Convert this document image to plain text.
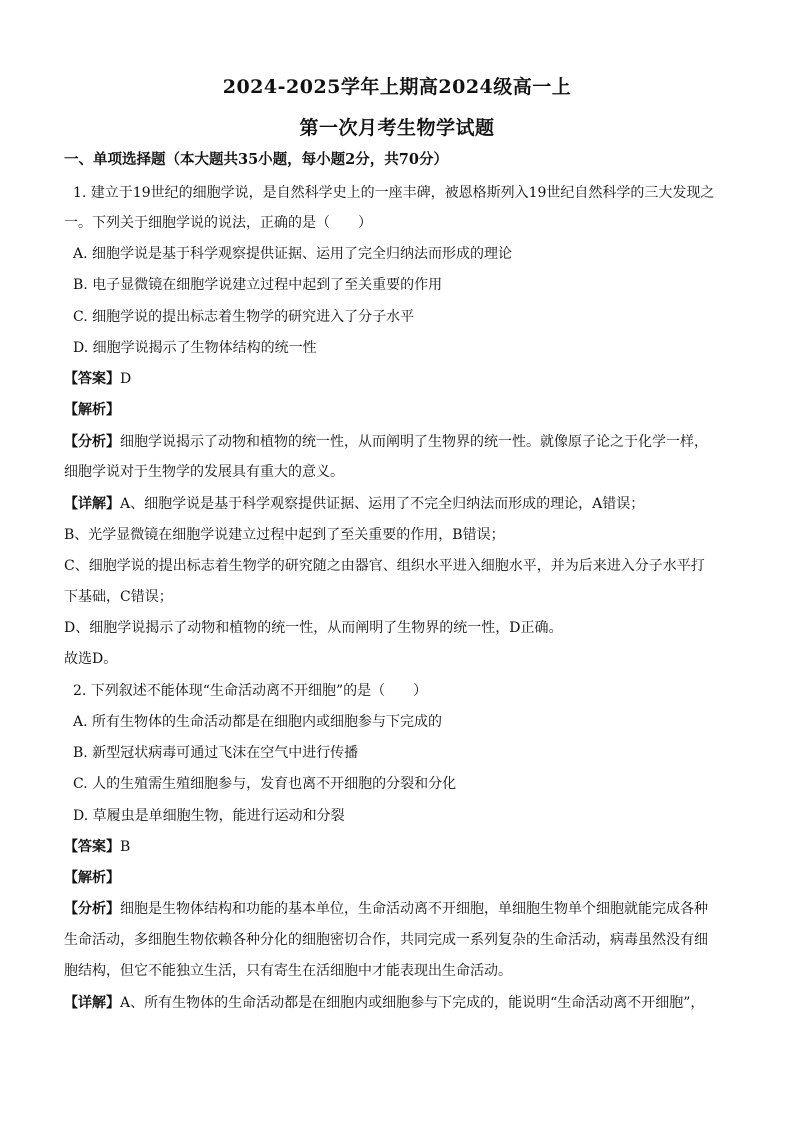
2024-2025学年上期高2024级高一上
第一次月考生物学试题
一、单项选择题（本大题共35小题，每小题2分，共70分）
1. 建立于19世纪的细胞学说，是自然科学史上的一座丰碑，被恩格斯列入19世纪自然科学的三大发现之
一。下列关于细胞学说的说法，正确的是（　　）
A. 细胞学说是基于科学观察提供证据、运用了完全归纳法而形成的理论
B. 电子显微镜在细胞学说建立过程中起到了至关重要的作用
C. 细胞学说的提出标志着生物学的研究进入了分子水平
D. 细胞学说揭示了生物体结构的统一性
【答案】D
【解析】
【分析】细胞学说揭示了动物和植物的统一性，从而阐明了生物界的统一性。就像原子论之于化学一样，
细胞学说对于生物学的发展具有重大的意义。
【详解】A、细胞学说是基于科学观察提供证据、运用了不完全归纳法而形成的理论，A错误；
B、光学显微镜在细胞学说建立过程中起到了至关重要的作用，B错误；
C、细胞学说的提出标志着生物学的研究随之由器官、组织水平进入细胞水平，并为后来进入分子水平打
下基础，C错误；
D、细胞学说揭示了动物和植物的统一性，从而阐明了生物界的统一性，D正确。
故选D。
2. 下列叙述不能体现“生命活动离不开细胞”的是（　　）
A. 所有生物体的生命活动都是在细胞内或细胞参与下完成的
B. 新型冠状病毒可通过飞沫在空气中进行传播
C. 人的生殖需生殖细胞参与，发育也离不开细胞的分裂和分化
D. 草履虫是单细胞生物，能进行运动和分裂
【答案】B
【解析】
【分析】细胞是生物体结构和功能的基本单位，生命活动离不开细胞，单细胞生物单个细胞就能完成各种
生命活动，多细胞生物依赖各种分化的细胞密切合作，共同完成一系列复杂的生命活动，病毒虽然没有细
胞结构，但它不能独立生活，只有寄生在活细胞中才能表现出生命活动。
【详解】A、所有生物体的生命活动都是在细胞内或细胞参与下完成的，能说明“生命活动离不开细胞”，
